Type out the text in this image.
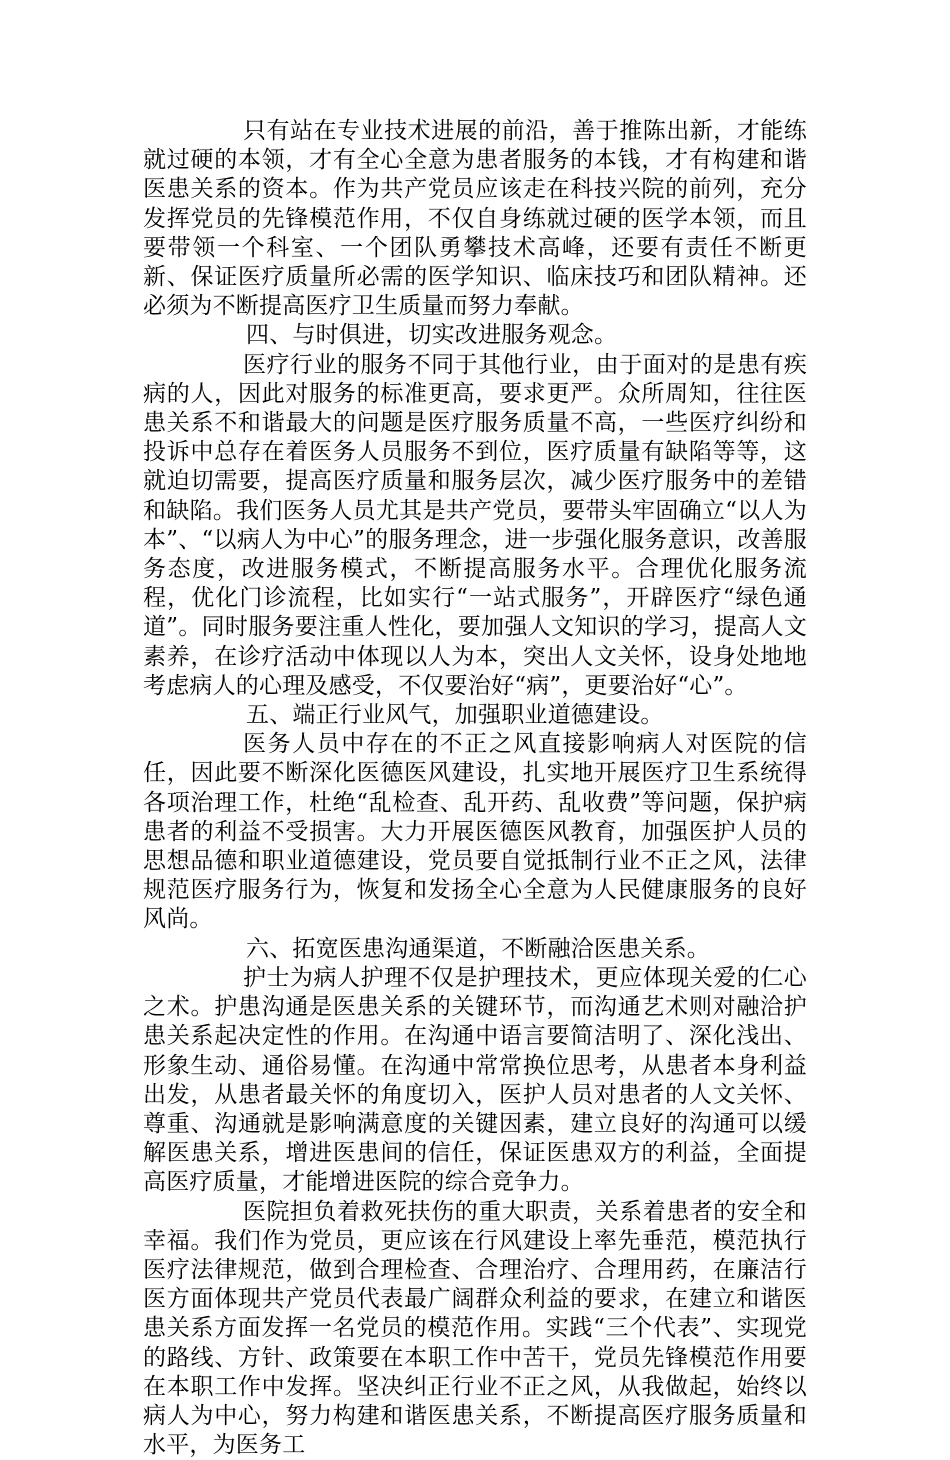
只有站在专业技术进展的前沿，善于推陈出新，才能练就过硬的本领，才有全心全意为患者服务的本钱，才有构建和谐医患关系的资本。作为共产党员应该走在科技兴院的前列，充分发挥党员的先锋模范作用，不仅自身练就过硬的医学本领，而且要带领一个科室、一个团队勇攀技术高峰，还要有责任不断更新、保证医疗质量所必需的医学知识、临床技巧和团队精神。还必须为不断提高医疗卫生质量而努力奉献。

四、与时俱进，切实改进服务观念。

医疗行业的服务不同于其他行业，由于面对的是患有疾病的人，因此对服务的标准更高，要求更严。众所周知，往往医患关系不和谐最大的问题是医疗服务质量不高，一些医疗纠纷和投诉中总存在着医务人员服务不到位，医疗质量有缺陷等等，这就迫切需要，提高医疗质量和服务层次，减少医疗服务中的差错和缺陷。我们医务人员尤其是共产党员，要带头牢固确立“以人为本”、“以病人为中心”的服务理念，进一步强化服务意识，改善服务态度，改进服务模式，不断提高服务水平。合理优化服务流程，优化门诊流程，比如实行“一站式服务”，开辟医疗“绿色通道”。同时服务要注重人性化，要加强人文知识的学习，提高人文素养，在诊疗活动中体现以人为本，突出人文关怀，设身处地地考虑病人的心理及感受，不仅要治好“病”，更要治好“心”。

五、端正行业风气，加强职业道德建设。

医务人员中存在的不正之风直接影响病人对医院的信任，因此要不断深化医德医风建设，扎实地开展医疗卫生系统得各项治理工作，杜绝“乱检查、乱开药、乱收费”等问题，保护病患者的利益不受损害。大力开展医德医风教育，加强医护人员的思想品德和职业道德建设，党员要自觉抵制行业不正之风，法律规范医疗服务行为，恢复和发扬全心全意为人民健康服务的良好风尚。

六、拓宽医患沟通渠道，不断融洽医患关系。

护士为病人护理不仅是护理技术，更应体现关爱的仁心之术。护患沟通是医患关系的关键环节，而沟通艺术则对融洽护患关系起决定性的作用。在沟通中语言要简洁明了、深化浅出、形象生动、通俗易懂。在沟通中常常换位思考，从患者本身利益出发，从患者最关怀的角度切入，医护人员对患者的人文关怀、尊重、沟通就是影响满意度的关键因素，建立良好的沟通可以缓解医患关系，增进医患间的信任，保证医患双方的利益，全面提高医疗质量，才能增进医院的综合竞争力。

医院担负着救死扶伤的重大职责，关系着患者的安全和幸福。我们作为党员，更应该在行风建设上率先垂范，模范执行医疗法律规范，做到合理检查、合理治疗、合理用药，在廉洁行医方面体现共产党员代表最广阔群众利益的要求，在建立和谐医患关系方面发挥一名党员的模范作用。实践“三个代表”、实现党的路线、方针、政策要在本职工作中苦干，党员先锋模范作用要在本职工作中发挥。坚决纠正行业不正之风，从我做起，始终以病人为中心，努力构建和谐医患关系，不断提高医疗服务质量和水平，为医务工
